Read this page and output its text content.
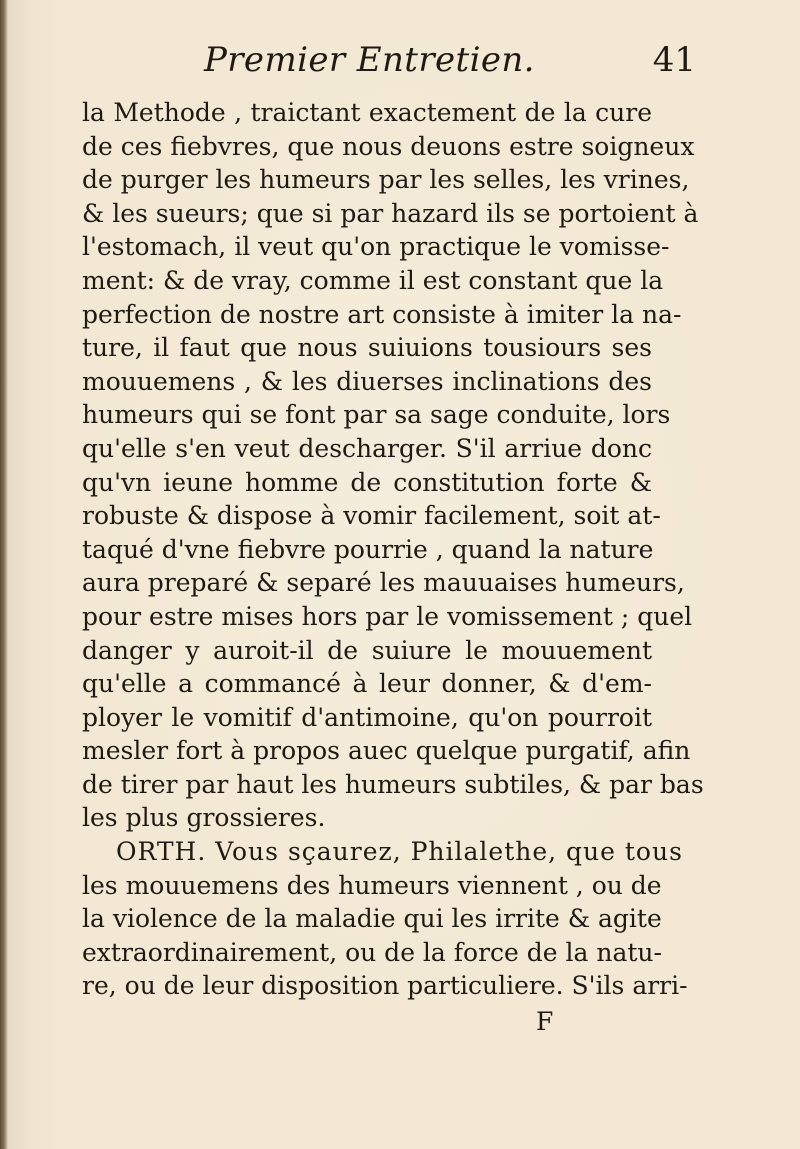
Premier Entretien.	41
la Methode , traictant exactement de la cure
de ces fiebvres, que nous deuons estre soigneux
de purger les humeurs par les selles, les vrines,
& les sueurs; que si par hazard ils se portoient à
l'estomach, il veut qu'on practique le vomisse-
ment: & de vray, comme il est constant que la
perfection de nostre art consiste à imiter la na-
ture, il faut que nous suiuions tousiours ses
mouuemens , & les diuerses inclinations des
humeurs qui se font par sa sage conduite, lors
qu'elle s'en veut descharger. S'il arriue donc
qu'vn ieune homme de constitution forte &
robuste & dispose à vomir facilement, soit at-
taqué d'vne fiebvre pourrie , quand la nature
aura preparé & separé les mauuaises humeurs,
pour estre mises hors par le vomissement ; quel
danger y auroit-il de suiure le mouuement
qu'elle a commancé à leur donner, & d'em-
ployer le vomitif d'antimoine, qu'on pourroit
mesler fort à propos auec quelque purgatif, afin
de tirer par haut les humeurs subtiles, & par bas
les plus grossieres.
ORTH. Vous sçaurez, Philalethe, que tous
les mouuemens des humeurs viennent , ou de
la violence de la maladie qui les irrite & agite
extraordinairement, ou de la force de la natu-
re, ou de leur disposition particuliere. S'ils arri-
F
